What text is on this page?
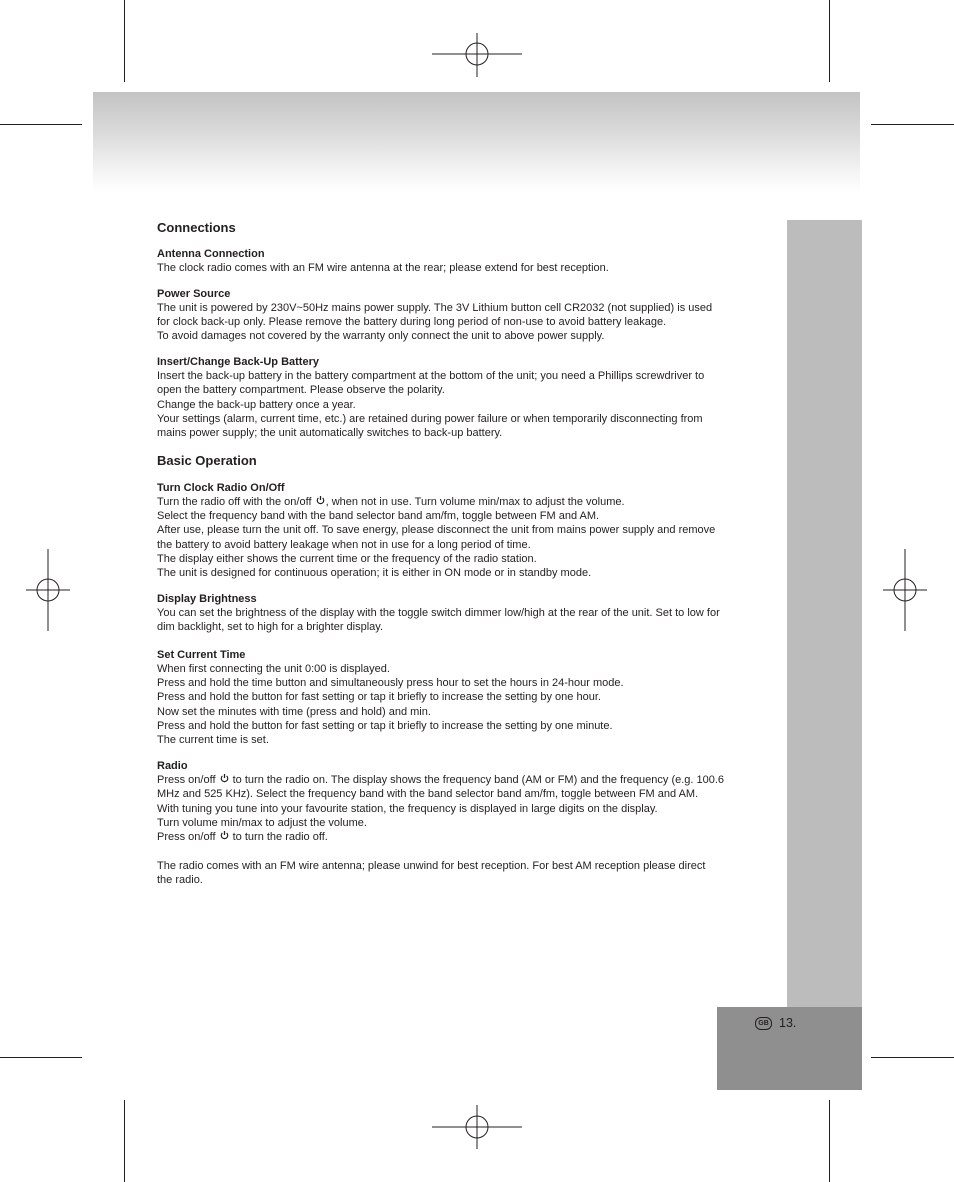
GB 13.
Connections
Antenna Connection

The clock radio comes with an FM wire antenna at the rear; please extend for best reception.

Power Source

The unit is powered by 230V~50Hz mains power supply. The 3V Lithium button cell CR2032 (not supplied) is used

for clock back-up only. Please remove the battery during long period of non-use to avoid battery leakage.

To avoid damages not covered by the warranty only connect the unit to above power supply.

Insert/Change Back-Up Battery

Insert the back-up battery in the battery compartment at the bottom of the unit; you need a Phillips screwdriver to

open the battery compartment. Please observe the polarity.

Change the back-up battery once a year.

Your settings (alarm, current time, etc.) are retained during power failure or when temporarily disconnecting from

mains power supply; the unit automatically switches to back-up battery.

Basic Operation
Turn Clock Radio On/Off

Turn the radio off with the on/off , when not in use. Turn volume min/max to adjust the volume.

Select the frequency band with the band selector band am/fm, toggle between FM and AM.

After use, please turn the unit off. To save energy, please disconnect the unit from mains power supply and remove

the battery to avoid battery leakage when not in use for a long period of time.

The display either shows the current time or the frequency of the radio station.

The unit is designed for continuous operation; it is either in ON mode or in standby mode.

Display Brightness

You can set the brightness of the display with the toggle switch dimmer low/high at the rear of the unit. Set to low for

dim backlight, set to high for a brighter display.

Set Current Time

When first connecting the unit 0:00 is displayed.

Press and hold the time button and simultaneously press hour to set the hours in 24-hour mode.

Press and hold the button for fast setting or tap it briefly to increase the setting by one hour.

Now set the minutes with time (press and hold) and min.

Press and hold the button for fast setting or tap it briefly to increase the setting by one minute.

The current time is set.

Radio

Press on/off to turn the radio on. The display shows the frequency band (AM or FM) and the frequency (e.g. 100.6

MHz and 525 KHz). Select the frequency band with the band selector band am/fm, toggle between FM and AM.

With tuning you tune into your favourite station, the frequency is displayed in large digits on the display.

Turn volume min/max to adjust the volume.

Press on/off to turn the radio off.

The radio comes with an FM wire antenna; please unwind for best reception. For best AM reception please direct

the radio.
